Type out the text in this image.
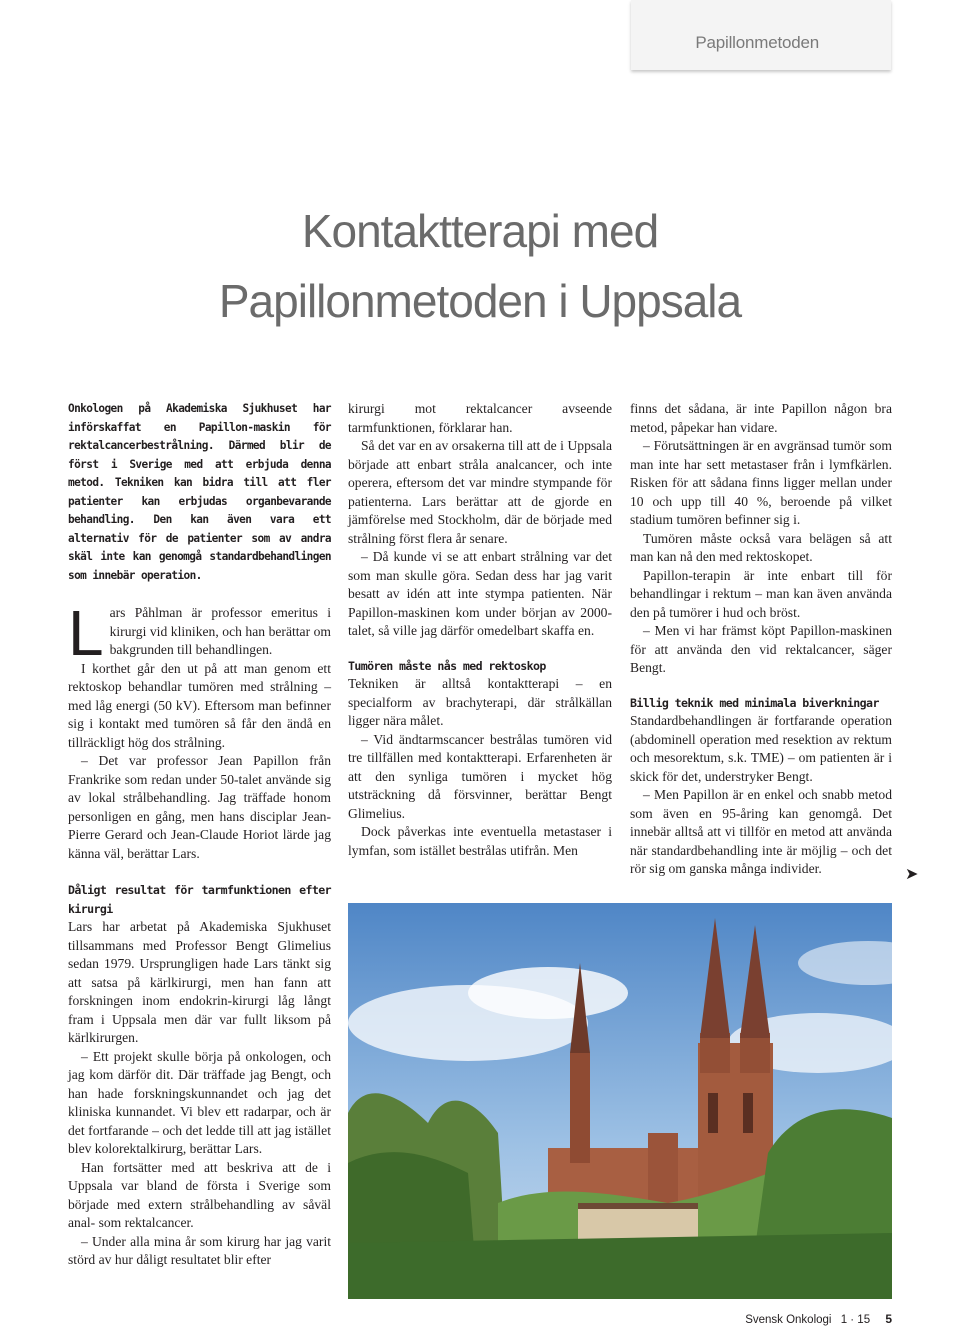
Papillonmetoden
Kontaktterapi med
Papillonmetoden i Uppsala

Onkologen på Akademiska Sjukhuset har införskaffat en Papillon-maskin för rektalcancerbestrålning. Därmed blir de först i Sverige med att erbjuda denna metod. Tekniken kan bidra till att fler patienter kan erbjudas organbevarande behandling. Den kan även vara ett alternativ för de patienter som av andra skäl inte kan genomgå standardbehandlingen som innebär operation.

Lars Påhlman är professor emeritus i kirurgi vid kliniken, och han berättar om bakgrunden till behandlingen.

I korthet går den ut på att man genom ett rektoskop behandlar tumören med strålning – med låg energi (50 kV). Eftersom man befinner sig i kontakt med tumören så får den ändå en tillräckligt hög dos strålning.

– Det var professor Jean Papillon från Frankrike som redan under 50-talet använde sig av lokal strålbehandling. Jag träffade honom personligen en gång, men hans disciplar Jean-Pierre Gerard och Jean-Claude Horiot lärde jag känna väl, berättar Lars.

Dåligt resultat för tarmfunktionen efter kirurgi

Lars har arbetat på Akademiska Sjukhuset tillsammans med Professor Bengt Glimelius sedan 1979. Ursprungligen hade Lars tänkt sig att satsa på kärlkirurgi, men han fann att forskningen inom endokrin-kirurgi låg långt fram i Uppsala men där var fullt liksom på kärlkirurgen.

– Ett projekt skulle börja på onkologen, och jag kom därför dit. Där träffade jag Bengt, och han hade forskningskunnandet och jag det kliniska kunnandet. Vi blev ett radarpar, och är det fortfarande – och det ledde till att jag istället blev kolorektalkirurg, berättar Lars.

Han fortsätter med att beskriva att de i Uppsala var bland de första i Sverige som började med extern strålbehandling av såväl anal- som rektalcancer.

– Under alla mina år som kirurg har jag varit störd av hur dåligt resultatet blir efter

kirurgi mot rektalcancer avseende tarmfunktionen, förklarar han.

Så det var en av orsakerna till att de i Uppsala började att enbart stråla analcancer, och inte operera, eftersom det var mindre stympande för patienterna. Lars berättar att de gjorde en jämförelse med Stockholm, där de började med strålning först flera år senare.

– Då kunde vi se att enbart strålning var det som man skulle göra. Sedan dess har jag varit besatt av idén att inte stympa patienten. När Papillon-maskinen kom under början av 2000-talet, så ville jag därför omedelbart skaffa en.

Tumören måste nås med rektoskop

Tekniken är alltså kontaktterapi – en specialform av brachyterapi, där strålkällan ligger nära målet.

– Vid ändtarmscancer bestrålas tumören vid tre tillfällen med kontaktterapi. Erfarenheten är att den synliga tumören i mycket hög utsträckning då försvinner, berättar Bengt Glimelius.

Dock påverkas inte eventuella metastaser i lymfan, som istället bestrålas utifrån. Men

finns det sådana, är inte Papillon någon bra metod, påpekar han vidare.

– Förutsättningen är en avgränsad tumör som man inte har sett metastaser från i lymfkärlen. Risken för att sådana finns ligger mellan under 10 och upp till 40 %, beroende på vilket stadium tumören befinner sig i.

Tumören måste också vara belägen så att man kan nå den med rektoskopet.

Papillon-terapin är inte enbart till för behandlingar i rektum – man kan även använda den på tumörer i hud och bröst.

– Men vi har främst köpt Papillon-maskinen för att använda den vid rektalcancer, säger Bengt.

Billig teknik med minimala biverkningar

Standardbehandlingen är fortfarande operation (abdominell operation med resektion av rektum och mesorektum, s.k. TME) – om patienten är i skick för det, understryker Bengt.

– Men Papillon är en enkel och snabb metod som även en 95-åring kan genomgå. Det innebär alltså att vi tillför en metod att använda när standardbehandling inte är möjlig – och det rör sig om ganska många individer.	➤
Svensk Onkologi 1 · 15 5
